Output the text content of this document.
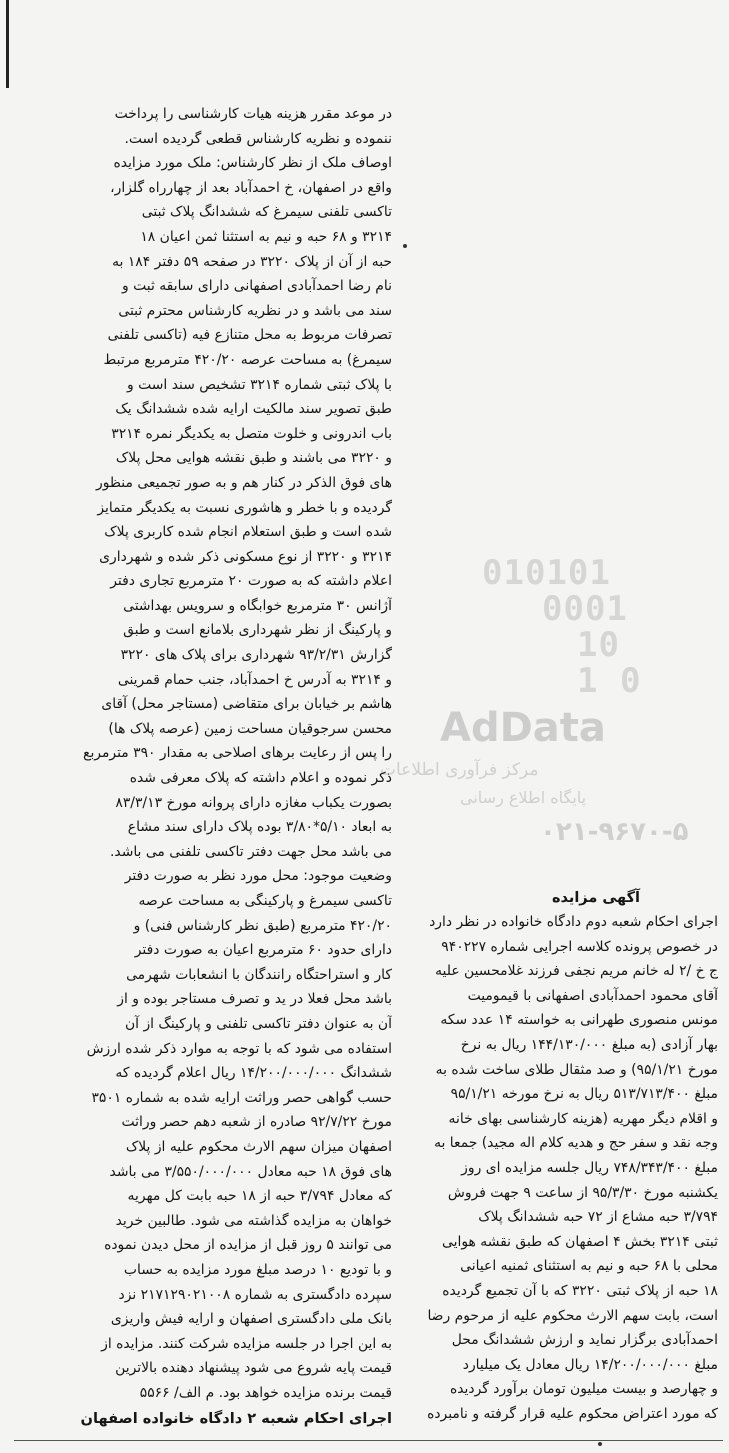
010101
0001
10
1 0
AdData
مرکز فرآوری اطلاعات
پایگاه اطلاع رسانی
۰۲۱-۹۶۷۰-۵
در موعد مقرر هزینه هیات کارشناسی را پرداخت
ننموده و نظریه کارشناس قطعی گردیده است.
اوصاف ملک از نظر کارشناس: ملک مورد مزایده
واقع در اصفهان، خ احمدآباد بعد از چهارراه گلزار،
تاکسی تلفنی سیمرغ که ششدانگ پلاک ثبتی
۳۲۱۴ و ۶۸ حبه و نیم به استثنا ثمن اعیان ۱۸
حبه از آن از پلاک ۳۲۲۰ در صفحه ۵۹ دفتر ۱۸۴ به
نام رضا احمدآبادی اصفهانی دارای سابقه ثبت و
سند می باشد و در نظریه کارشناس محترم ثبتی
تصرفات مربوط به محل متنازع فیه (تاکسی تلفنی
سیمرغ) به مساحت عرصه ۴۲۰/۲۰ مترمربع مرتبط
با پلاک ثبتی شماره ۳۲۱۴ تشخیص سند است و
طبق تصویر سند مالکیت ارایه شده ششدانگ یک
باب اندرونی و خلوت متصل به یکدیگر نمره ۳۲۱۴
و ۳۲۲۰ می باشند و طبق نقشه هوایی محل پلاک
های فوق الذکر در کنار هم و به صور تجمیعی منظور
گردیده و با خطر و هاشوری نسبت به یکدیگر متمایز
شده است و طبق استعلام انجام شده کاربری پلاک
۳۲۱۴ و ۳۲۲۰ از نوع مسکونی ذکر شده و شهرداری
اعلام داشته که به صورت ۲۰ مترمربع تجاری دفتر
آژانس ۳۰ مترمربع خوابگاه و سرویس بهداشتی
و پارکینگ از نظر شهرداری بلامانع است و طبق
گزارش ۹۳/۲/۳۱ شهرداری برای پلاک های ۳۲۲۰
و ۳۲۱۴ به آدرس خ احمدآباد، جنب حمام قمرینی
هاشم بر خیابان برای متقاضی (مستاجر محل) آقای
محسن سرجوقیان مساحت زمین (عرصه پلاک ها)
را پس از رعایت برهای اصلاحی به مقدار ۳۹۰ مترمربع
ذکر نموده و اعلام داشته که پلاک معرفی شده
بصورت یکباب مغازه دارای پروانه مورخ ۸۳/۳/۱۳
به ابعاد ۵/۱۰*۳/۸۰ بوده پلاک دارای سند مشاع
می باشد محل جهت دفتر تاکسی تلفنی می باشد.
وضعیت موجود: محل مورد نظر به صورت دفتر
تاکسی سیمرغ و پارکینگی به مساحت عرصه
۴۲۰/۲۰ مترمربع (طبق نظر کارشناس فنی) و
دارای حدود ۶۰ مترمربع اعیان به صورت دفتر
کار و استراحتگاه رانندگان با انشعابات شهرمی
باشد محل فعلا در ید و تصرف مستاجر بوده و از
آن به عنوان دفتر تاکسی تلفنی و پارکینگ از آن
استفاده می شود که با توجه به موارد ذکر شده ارزش
ششدانگ ۱۴/۲۰۰/۰۰۰/۰۰۰ ریال اعلام گردیده که
حسب گواهی حصر وراثت ارایه شده به شماره ۳۵۰۱
مورخ ۹۲/۷/۲۲ صادره از شعبه دهم حصر وراثت
اصفهان میزان سهم الارث محکوم علیه از پلاک
های فوق ۱۸ حبه معادل ۳/۵۵۰/۰۰۰/۰۰۰ می باشد
که معادل ۳/۷۹۴ حبه از ۱۸ حبه بابت کل مهریه
خواهان به مزایده گذاشته می شود. طالبین خرید
می توانند ۵ روز قبل از مزایده از محل دیدن نموده
و با تودیع ۱۰ درصد مبلغ مورد مزایده به حساب
سپرده دادگستری به شماره ۲۱۷۱۲۹۰۲۱۰۰۸ نزد
بانک ملی دادگستری اصفهان و ارایه فیش واریزی
به این اجرا در جلسه مزایده شرکت کنند. مزایده از
قیمت پایه شروع می شود پیشنهاد دهنده بالاترین
قیمت برنده مزایده خواهد بود. م الف/ ۵۵۶۶
اجرای احکام شعبه ۲ دادگاه خانواده اصفهان
آگهی مزایده
اجرای احکام شعبه دوم دادگاه خانواده در نظر دارد
در خصوص پرونده کلاسه اجرایی شماره ۹۴۰۲۲۷
ج خ /۲ له خانم مریم نجفی فرزند غلامحسین علیه
آقای محمود احمدآبادی اصفهانی با قیمومیت
مونس منصوری طهرانی به خواسته ۱۴ عدد سکه
بهار آزادی (به مبلغ ۱۴۴/۱۳۰/۰۰۰ ریال به نرخ
مورخ ۹۵/۱/۲۱) و صد مثقال طلای ساخت شده به
مبلغ ۵۱۳/۷۱۳/۴۰۰ ریال به نرخ مورخه ۹۵/۱/۲۱
و اقلام دیگر مهریه (هزینه کارشناسی بهای خانه
وجه نقد و سفر حج و هدیه کلام اله مجید) جمعا به
مبلغ ۷۴۸/۳۴۳/۴۰۰ ریال جلسه مزایده ای روز
یکشنبه مورخ ۹۵/۳/۳۰ از ساعت ۹ جهت فروش
۳/۷۹۴ حبه مشاع از ۷۲ حبه ششدانگ پلاک
ثبتی ۳۲۱۴ بخش ۴ اصفهان که طبق نقشه هوایی
محلی با ۶۸ حبه و نیم به استثنای ثمنیه اعیانی
۱۸ حبه از پلاک ثبتی ۳۲۲۰ که با آن تجمیع گردیده
است، بابت سهم الارث محکوم علیه از مرحوم رضا
احمدآبادی برگزار نماید و ارزش ششدانگ محل
مبلغ ۱۴/۲۰۰/۰۰۰/۰۰۰ ریال معادل یک میلیارد
و چهارصد و بیست میلیون تومان برآورد گردیده
که مورد اعتراض محکوم علیه قرار گرفته و نامبرده
